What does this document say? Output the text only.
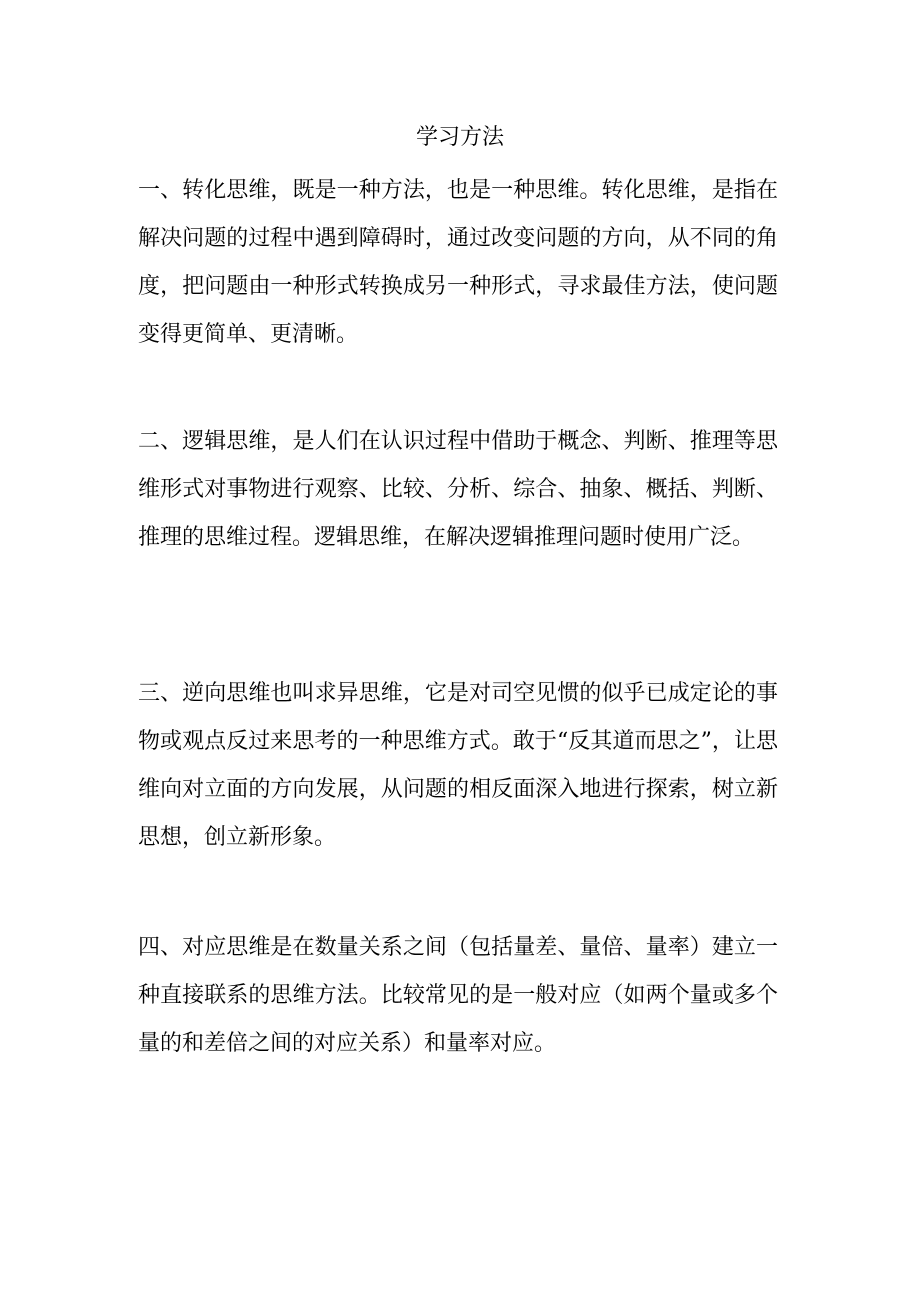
学习方法
一、转化思维，既是一种方法，也是一种思维。转化思维，是指在解决问题的过程中遇到障碍时，通过改变问题的方向，从不同的角度，把问题由一种形式转换成另一种形式，寻求最佳方法，使问题变得更简单、更清晰。
二、逻辑思维，是人们在认识过程中借助于概念、判断、推理等思维形式对事物进行观察、比较、分析、综合、抽象、概括、判断、推理的思维过程。逻辑思维，在解决逻辑推理问题时使用广泛。
三、逆向思维也叫求异思维，它是对司空见惯的似乎已成定论的事物或观点反过来思考的一种思维方式。敢于“反其道而思之”，让思维向对立面的方向发展，从问题的相反面深入地进行探索，树立新思想，创立新形象。
四、对应思维是在数量关系之间（包括量差、量倍、量率）建立一种直接联系的思维方法。比较常见的是一般对应（如两个量或多个量的和差倍之间的对应关系）和量率对应。
